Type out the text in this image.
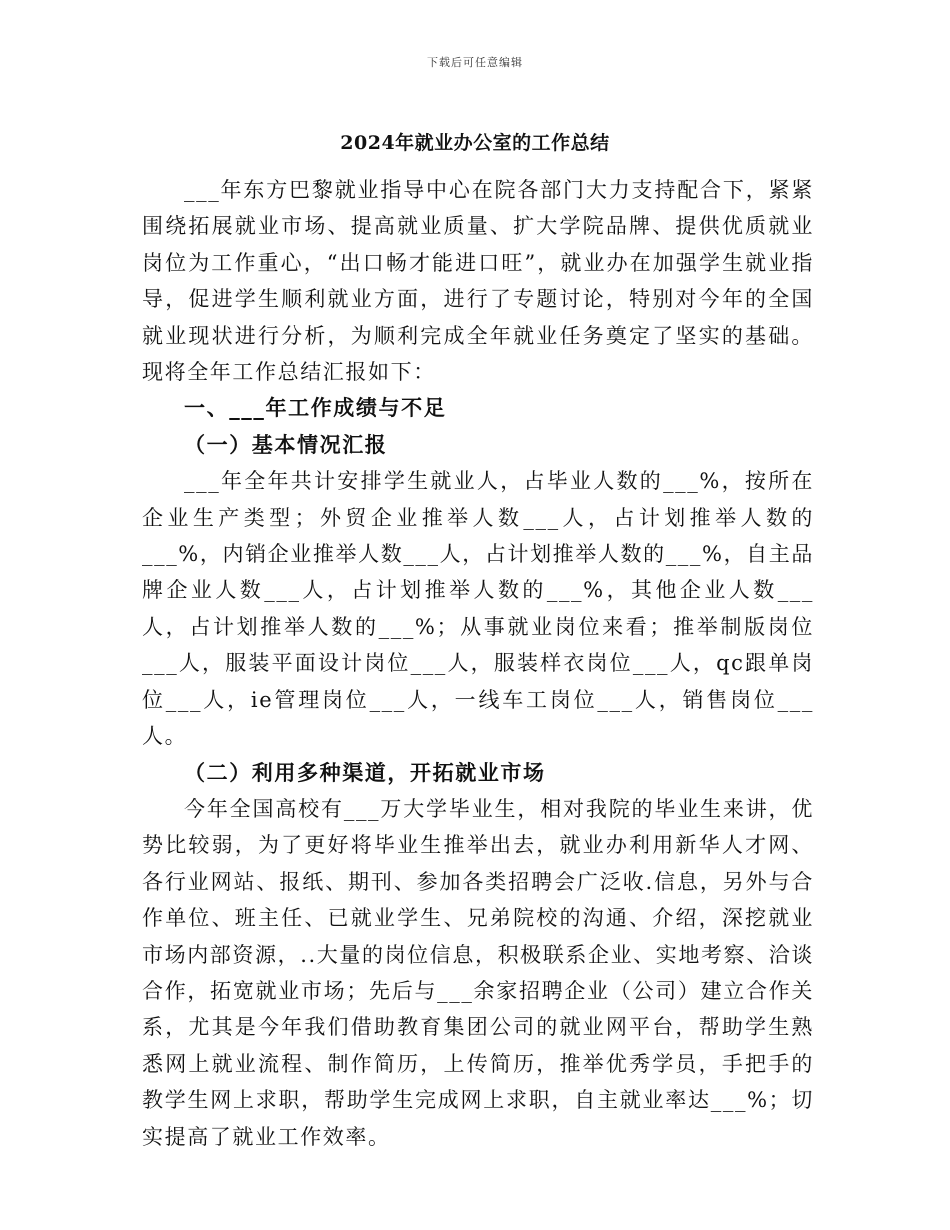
下载后可任意编辑
2024年就业办公室的工作总结

___年东方巴黎就业指导中心在院各部门大力支持配合下，紧紧围绕拓展就业市场、提高就业质量、扩大学院品牌、提供优质就业岗位为工作重心，“出口畅才能进口旺”，就业办在加强学生就业指导，促进学生顺利就业方面，进行了专题讨论，特别对今年的全国就业现状进行分析，为顺利完成全年就业任务奠定了坚实的基础。现将全年工作总结汇报如下：

一、___年工作成绩与不足

（一）基本情况汇报

___年全年共计安排学生就业人，占毕业人数的___%，按所在企业生产类型；外贸企业推举人数___人，占计划推举人数的___%，内销企业推举人数___人，占计划推举人数的___%，自主品牌企业人数___人，占计划推举人数的___%，其他企业人数___人，占计划推举人数的___%；从事就业岗位来看；推举制版岗位___人，服装平面设计岗位___人，服装样衣岗位___人，qc跟单岗位___人，ie管理岗位___人，一线车工岗位___人，销售岗位___人。

（二）利用多种渠道，开拓就业市场

今年全国高校有___万大学毕业生，相对我院的毕业生来讲，优势比较弱，为了更好将毕业生推举出去，就业办利用新华人才网、各行业网站、报纸、期刊、参加各类招聘会广泛收.信息，另外与合作单位、班主任、已就业学生、兄弟院校的沟通、介绍，深挖就业市场内部资源，..大量的岗位信息，积极联系企业、实地考察、洽谈合作，拓宽就业市场；先后与___余家招聘企业（公司）建立合作关系，尤其是今年我们借助教育集团公司的就业网平台，帮助学生熟悉网上就业流程、制作简历，上传简历，推举优秀学员，手把手的教学生网上求职，帮助学生完成网上求职，自主就业率达___%；切实提高了就业工作效率。
